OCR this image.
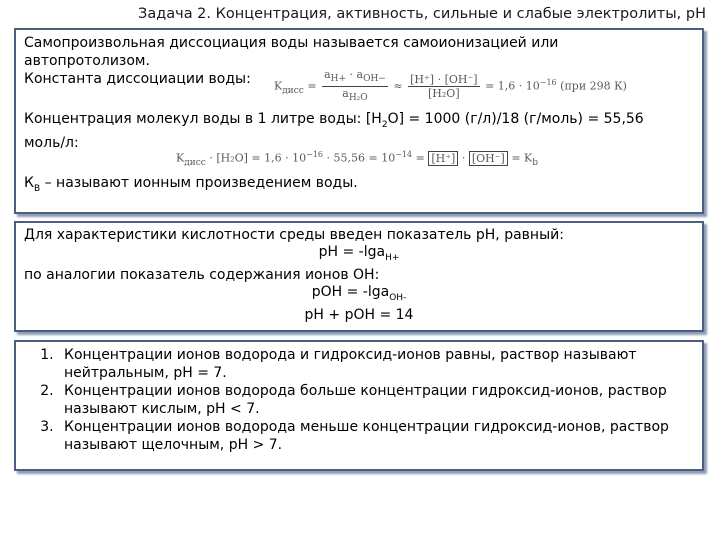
Задача 2. Концентрация, активность, сильные и слабые электролиты, pH
Самопроизвольная диссоциация воды называется самоионизацией или
автопротолизом.
Константа диссоциации воды:	$K_{дисс} = \frac{a_{H+} \cdot a_{OH-}}{a_{H_2O}} \approx \frac{[H^+] \cdot [OH^-]}{\text{[H₂O]}} = 1,6 \cdot 10^{-16}$ (при 298 К)
Концентрация молекул воды в 1 литре воды: $[Н_2О] = 1000$ (г/л)/18 (г/моль) = 55,56
моль/л:
$K_{дисс} \cdot [H_2O] = 1,6 \cdot 10^{-16} \cdot 55,56 = 10^{-14} = [H^+] \cdot [OH^-] = K_b$
$К_В$ – называют ионным произведением воды.
Для характеристики кислотности среды введен показатель рН, равный:
pH = -lga$_{H+}$
по аналогии показатель содержания ионов ОН:
pOH = -lga$_{OH-}$
pH + pOH = 14
1. Концентрации ионов водорода и гидроксид-ионов равны, раствор называют
нейтральным, рН = 7.
2. Концентрации ионов водорода больше концентрации гидроксид-ионов, раствор
называют кислым, рН < 7.
3. Концентрации ионов водорода меньше концентрации гидроксид-ионов, раствор
называют щелочным, рН > 7.
